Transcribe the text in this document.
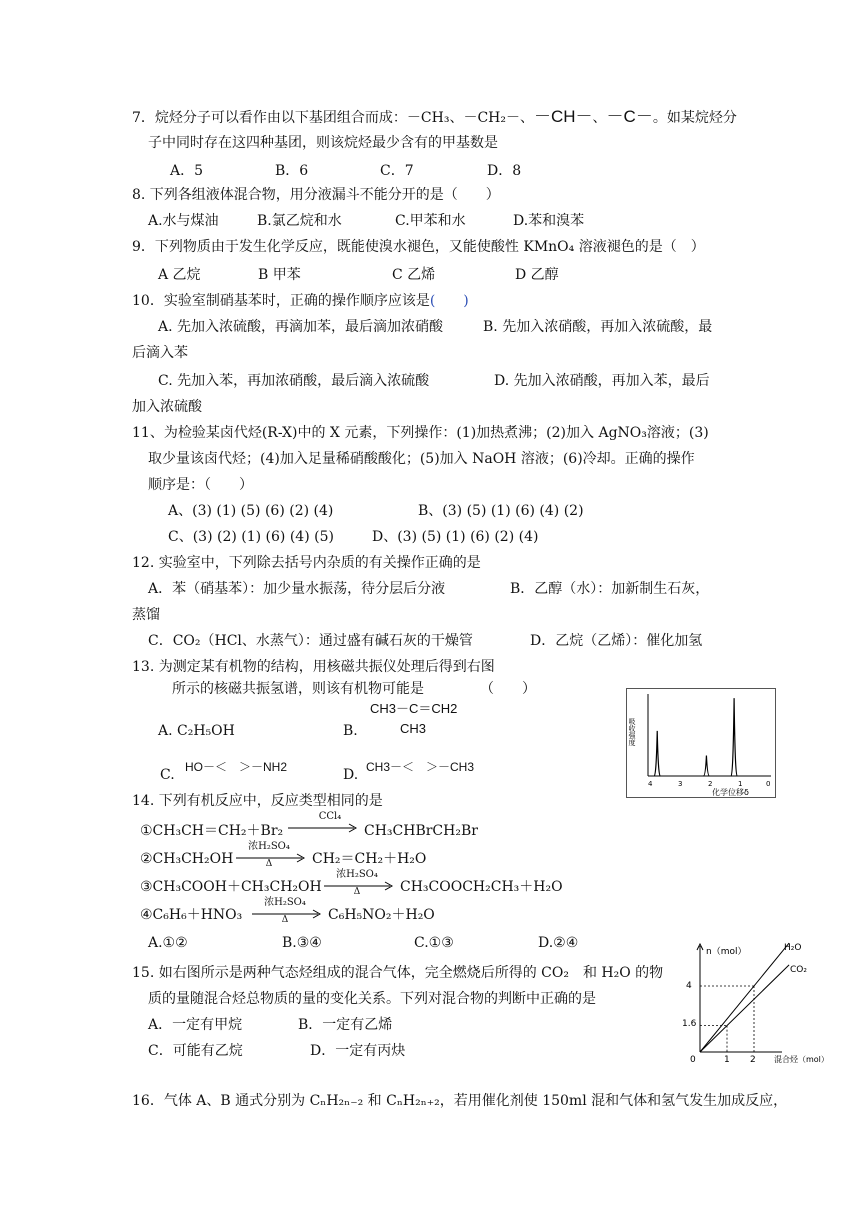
7．烷烃分子可以看作由以下基团组合而成：－CH₃、－CH₂－、－CH－、－C－。如某烷烃分
子中同时存在这四种基团，则该烷烃最少含有的甲基数是
A．5	B．6	C．7	D．8
8. 下列各组液体混合物，用分液漏斗不能分开的是（　　）
A.水与煤油	B.氯乙烷和水	C.甲苯和水	D.苯和溴苯
9．下列物质由于发生化学反应，既能使溴水褪色，又能使酸性 KMnO₄ 溶液褪色的是（　）
A 乙烷	B 甲苯	C 乙烯	D 乙醇
10．实验室制硝基苯时，正确的操作顺序应该是(　　)
A. 先加入浓硫酸，再滴加苯，最后滴加浓硝酸	B. 先加入浓硝酸，再加入浓硫酸，最
后滴入苯
C. 先加入苯，再加浓硝酸，最后滴入浓硫酸	D. 先加入浓硝酸，再加入苯，最后
加入浓硫酸
11、为检验某卤代烃(R-X)中的 X 元素，下列操作：(1)加热煮沸；(2)加入 AgNO₃溶液；(3)
取少量该卤代烃；(4)加入足量稀硝酸酸化；(5)加入 NaOH 溶液；(6)冷却。正确的操作
顺序是：（　　）
A、(3) (1) (5) (6) (2) (4)	B、(3) (5) (1) (6) (4) (2)
C、(3) (2) (1) (6) (4) (5)	D、(3) (5) (1) (6) (2) (4)
12. 实验室中，下列除去括号内杂质的有关操作正确的是
A．苯（硝基苯）：加少量水振荡，待分层后分液	B．乙醇（水）：加新制生石灰，
蒸馏
C．CO₂（HCl、水蒸气）：通过盛有碱石灰的干燥管	D．乙烷（乙烯）：催化加氢
13. 为测定某有机物的结构，用核磁共振仪处理后得到右图
所示的核磁共振氢谱，则该有机物可能是	（　　）
A. C₂H₅OH	B.
CH3－C＝CH2
CH3
C. HO－＜　＞－NH2	D. CH3－＜　＞－CH3
吸收强度
4	3	2	1	0
化学位移δ
14. 下列有机反应中，反应类型相同的是
①CH₃CH＝CH₂＋Br₂
CCl₄
CH₃CHBrCH₂Br
②CH₃CH₂OH
浓H₂SO₄
Δ	CH₂＝CH₂＋H₂O
③CH₃COOH＋CH₃CH₂OH
浓H₂SO₄
Δ	CH₃COOCH₂CH₃＋H₂O
④C₆H₆＋HNO₃
浓H₂SO₄
Δ	C₆H₅NO₂＋H₂O
A.①②	B.③④	C.①③	D.②④
15. 如右图所示是两种气态烃组成的混合气体，完全燃烧后所得的 CO₂　和 H₂O 的物
质的量随混合烃总物质的量的变化关系。下列对混合物的判断中正确的是
A．一定有甲烷	B．一定有乙烯
C．可能有乙烷	D．一定有丙炔
n（mol）	H₂O
CO₂
4
1.6
0	1 2 混合烃（mol）
16．气体 A、B 通式分别为 CₙH₂ₙ₋₂ 和 CₙH₂ₙ₊₂，若用催化剂使 150ml 混和气体和氢气发生加成反应，
